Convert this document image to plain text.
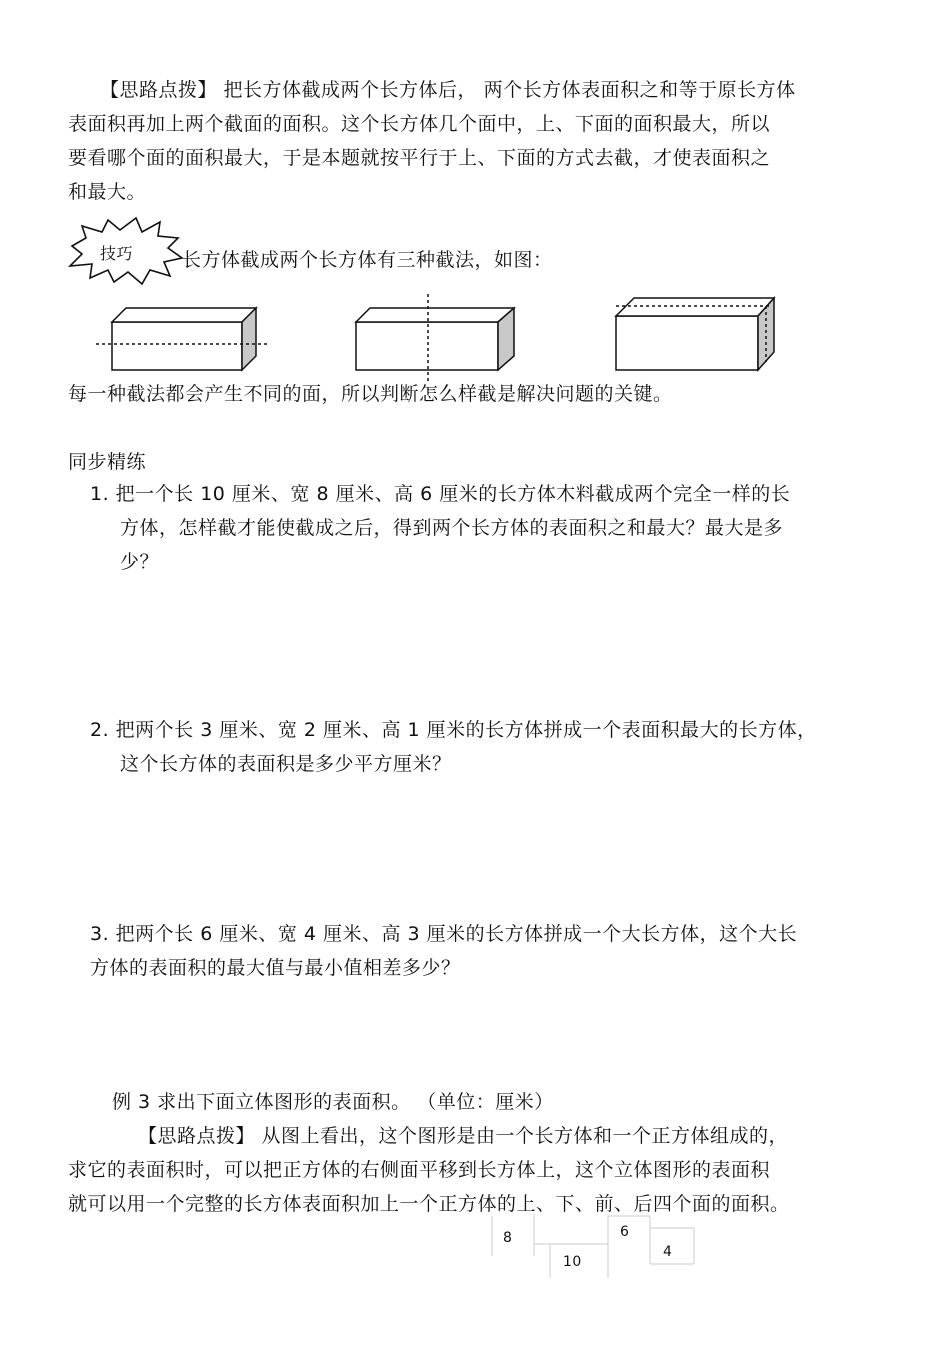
【思路点拨】 把长方体截成两个长方体后， 两个长方体表面积之和等于原长方体
表面积再加上两个截面的面积。这个长方体几个面中，上、下面的面积最大，所以
要看哪个面的面积最大，于是本题就按平行于上、下面的方式去截，才使表面积之
和最大。
技巧	长方体截成两个长方体有三种截法，如图：
每一种截法都会产生不同的面，所以判断怎么样截是解决问题的关键。
同步精练
1. 把一个长 10 厘米、宽 8 厘米、高 6 厘米的长方体木料截成两个完全一样的长
方体，怎样截才能使截成之后，得到两个长方体的表面积之和最大？最大是多
少？
2. 把两个长 3 厘米、宽 2 厘米、高 1 厘米的长方体拼成一个表面积最大的长方体，
这个长方体的表面积是多少平方厘米？
3. 把两个长 6 厘米、宽 4 厘米、高 3 厘米的长方体拼成一个大长方体，这个大长
方体的表面积的最大值与最小值相差多少？
例 3 求出下面立体图形的表面积。 （单位：厘米）
【思路点拨】 从图上看出，这个图形是由一个长方体和一个正方体组成的，
求它的表面积时，可以把正方体的右侧面平移到长方体上，这个立体图形的表面积
就可以用一个完整的长方体表面积加上一个正方体的上、下、前、后四个面的面积。
8
10
6
4
